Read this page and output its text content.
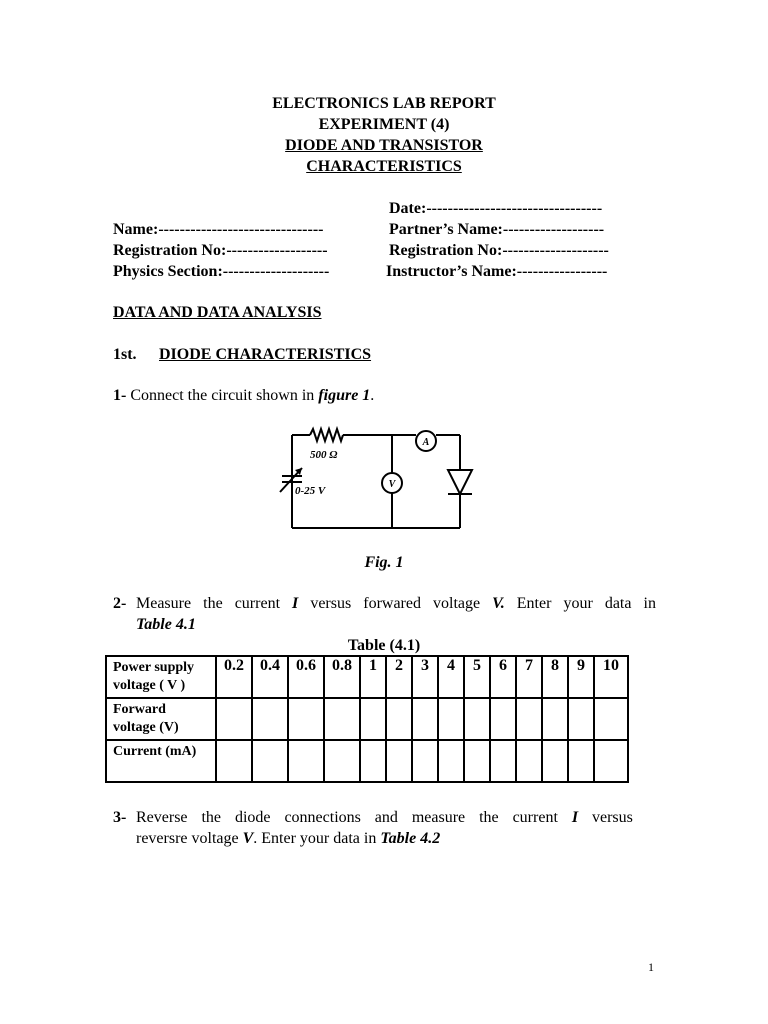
ELECTRONICS LAB REPORT
EXPERIMENT (4)
DIODE AND TRANSISTOR
CHARACTERISTICS
Date:---------------------------------
Name:-------------------------------	Partner’s Name:-------------------
Registration No:-------------------	Registration No:--------------------
Physics Section:--------------------	Instructor’s Name:-----------------
DATA AND DATA ANALYSIS
1st. DIODE CHARACTERISTICS
1- Connect the circuit shown in figure 1.
500 Ω
0-25 V
A
V
Fig. 1
2- Measure the current I versus forwared voltage V. Enter your data in
Table 4.1
Table (4.1)
Power supply voltage ( V )	0.2	0.4	0.6	0.8	1	2	3	4	5	6	7	8	9	10
Forward voltage (V)														
Current (mA)														
3- Reverse the diode connections and measure the current I versus
reversre voltage V. Enter your data in Table 4.2
1
